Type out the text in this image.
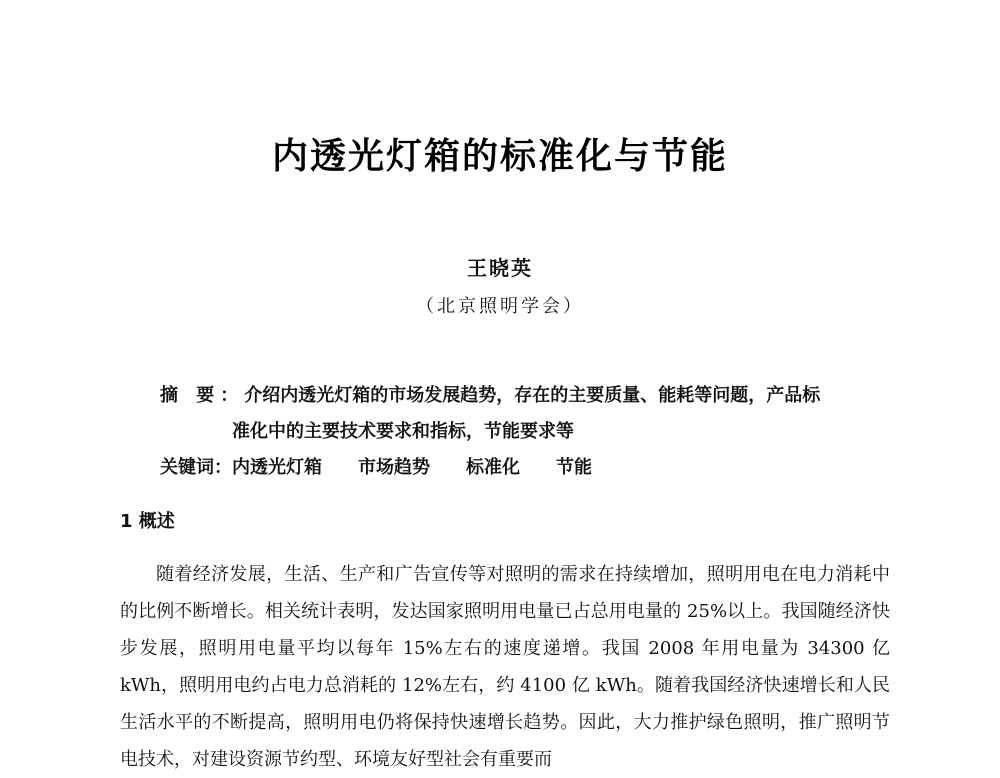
内透光灯箱的标准化与节能
王晓英
（北京照明学会）
摘 要：介绍内透光灯箱的市场发展趋势，存在的主要质量、能耗等问题，产品标
准化中的主要技术要求和指标，节能要求等
关键词：内透光灯箱 市场趋势 标准化 节能
1 概述

随着经济发展，生活、生产和广告宣传等对照明的需求在持续增加，照明用电在电力消耗中的比例不断增长。相关统计表明，发达国家照明用电量已占总用电量的 25%以上。我国随经济快步发展，照明用电量平均以每年 15%左右的速度递增。我国 2008 年用电量为 34300 亿 kWh，照明用电约占电力总消耗的 12%左右，约 4100 亿 kWh。随着我国经济快速增长和人民生活水平的不断提高，照明用电仍将保持快速增长趋势。因此，大力推护绿色照明，推广照明节电技术，对建设资源节约型、环境友好型社会有重要而
